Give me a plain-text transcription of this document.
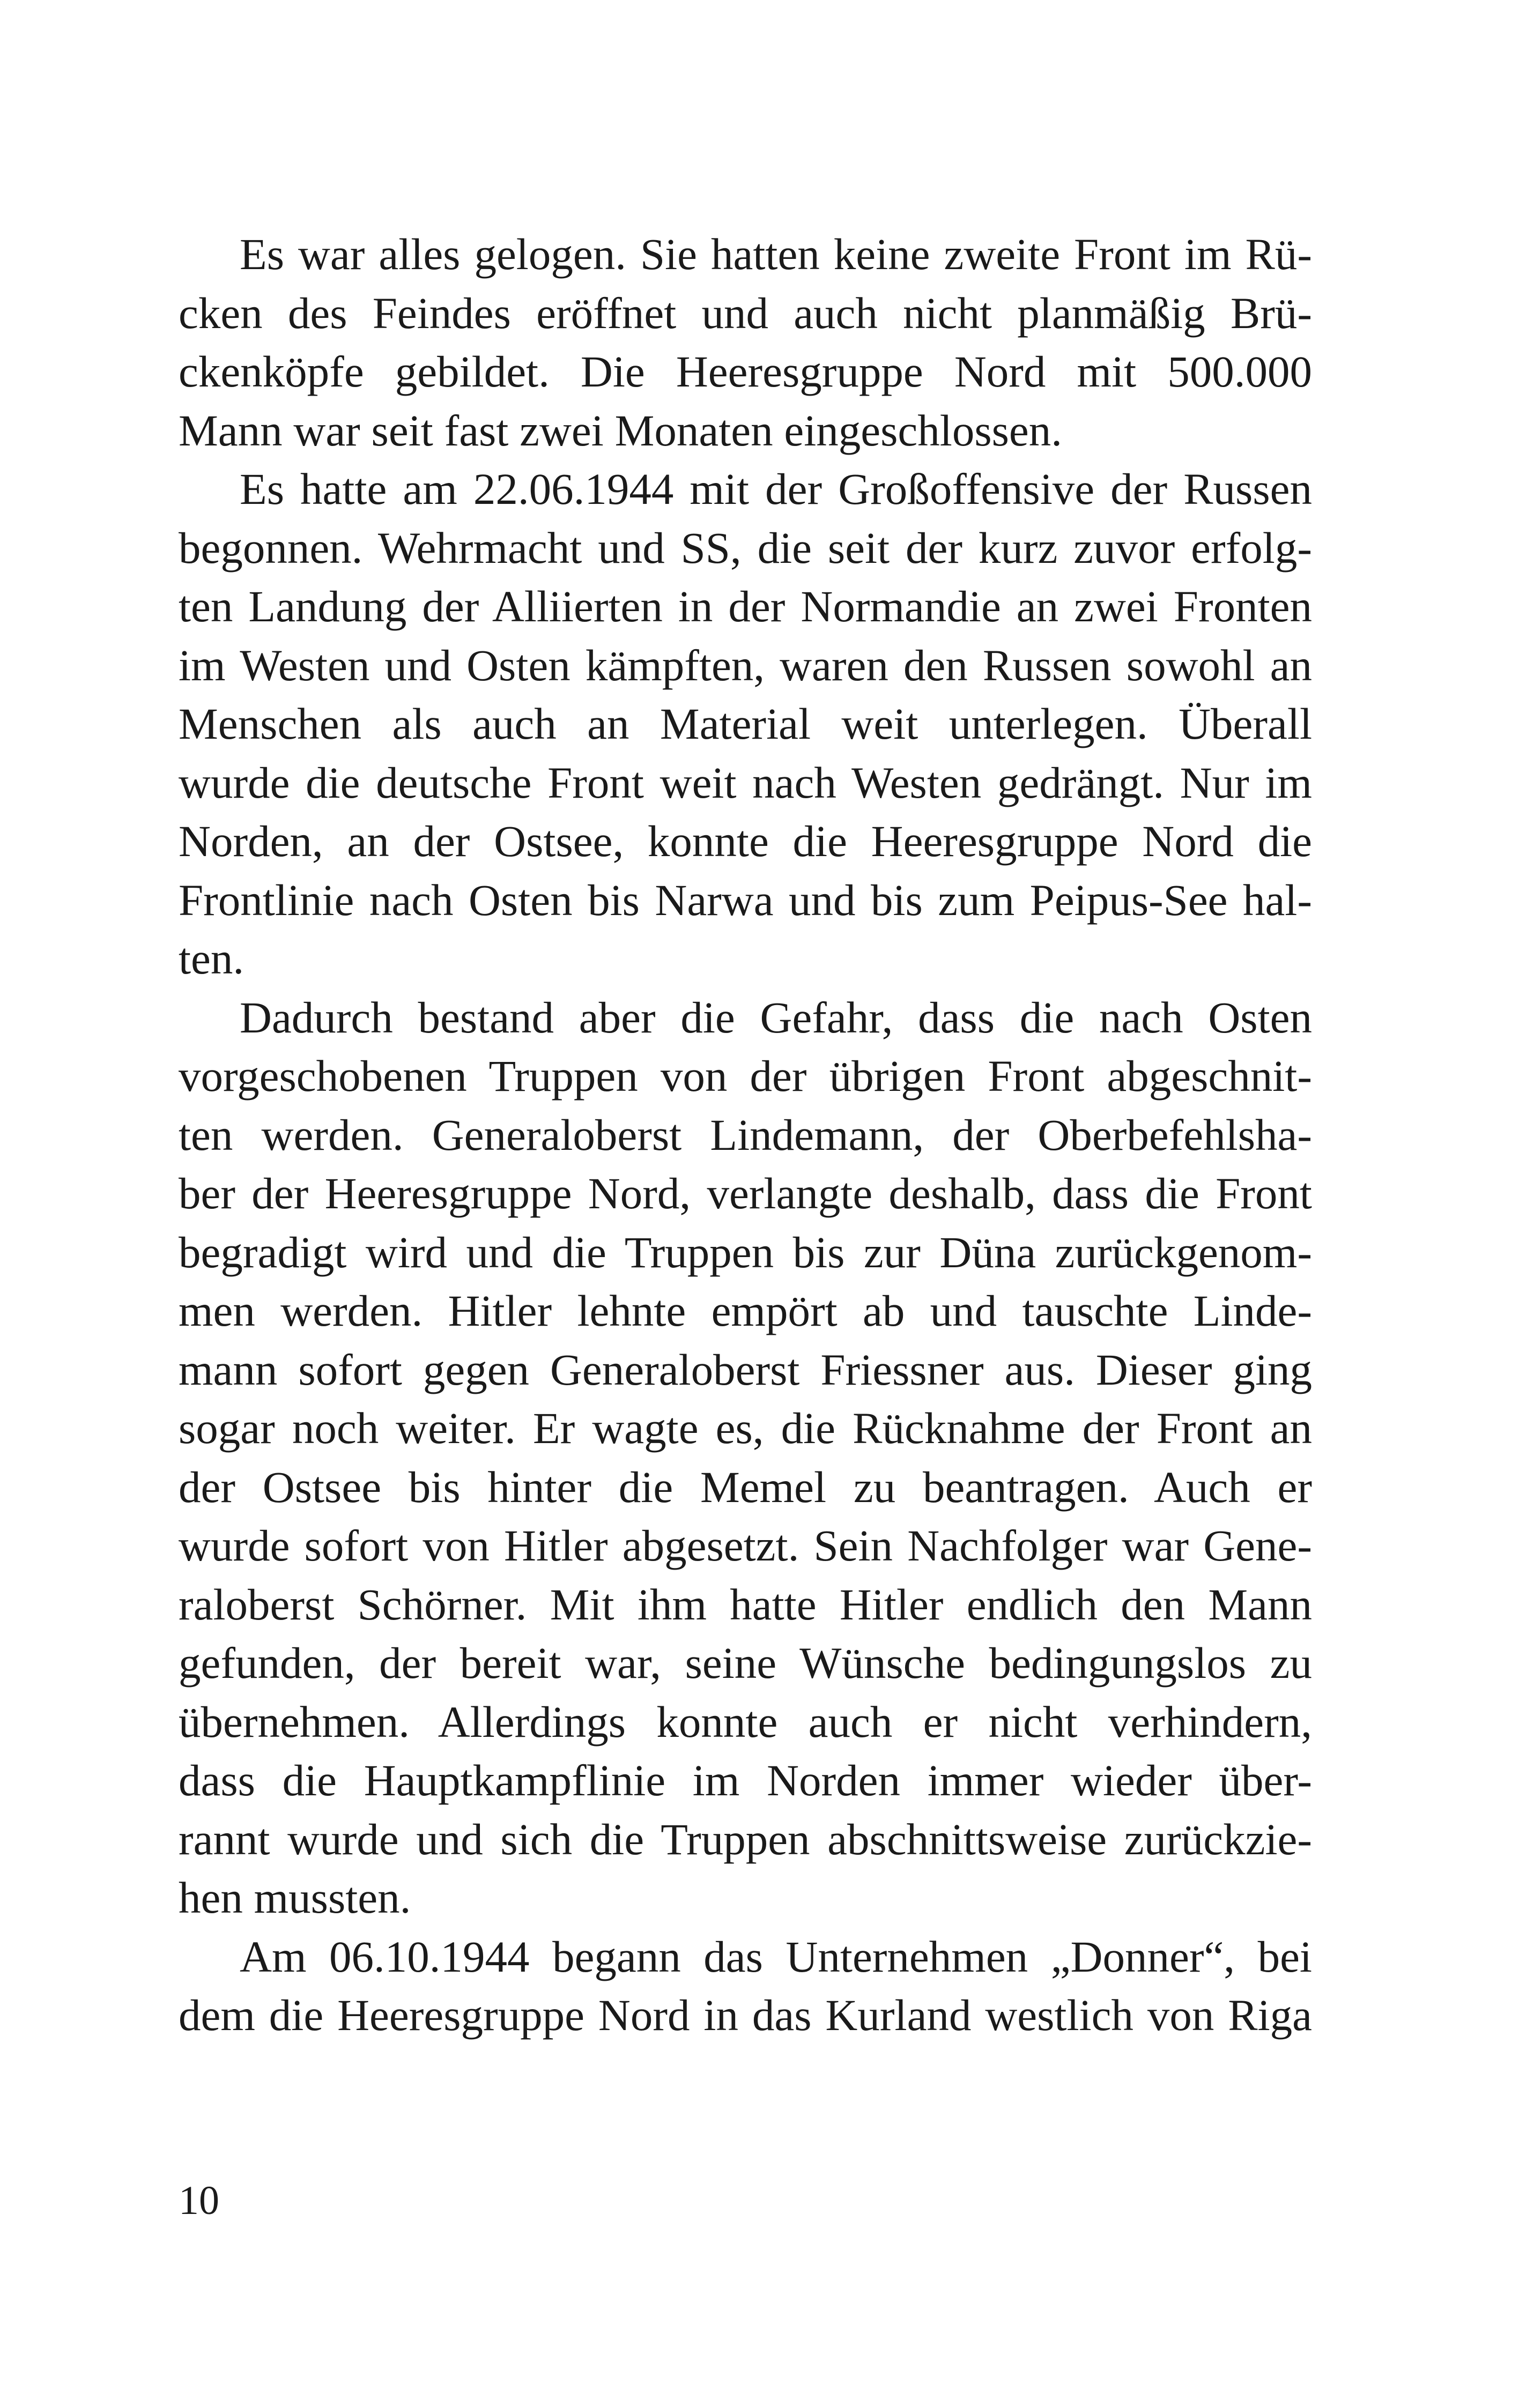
Es war alles gelogen. Sie hatten keine zweite Front im Rü-
cken des Feindes eröffnet und auch nicht planmäßig Brü-
ckenköpfe gebildet. Die Heeresgruppe Nord mit 500.000
Mann war seit fast zwei Monaten eingeschlossen.
Es hatte am 22.06.1944 mit der Großoffensive der Russen
begonnen. Wehrmacht und SS, die seit der kurz zuvor erfolg-
ten Landung der Alliierten in der Normandie an zwei Fronten
im Westen und Osten kämpften, waren den Russen sowohl an
Menschen als auch an Material weit unterlegen. Überall
wurde die deutsche Front weit nach Westen gedrängt. Nur im
Norden, an der Ostsee, konnte die Heeresgruppe Nord die
Frontlinie nach Osten bis Narwa und bis zum Peipus-See hal-
ten.
Dadurch bestand aber die Gefahr, dass die nach Osten
vorgeschobenen Truppen von der übrigen Front abgeschnit-
ten werden. Generaloberst Lindemann, der Oberbefehlsha-
ber der Heeresgruppe Nord, verlangte deshalb, dass die Front
begradigt wird und die Truppen bis zur Düna zurückgenom-
men werden. Hitler lehnte empört ab und tauschte Linde-
mann sofort gegen Generaloberst Friessner aus. Dieser ging
sogar noch weiter. Er wagte es, die Rücknahme der Front an
der Ostsee bis hinter die Memel zu beantragen. Auch er
wurde sofort von Hitler abgesetzt. Sein Nachfolger war Gene-
raloberst Schörner. Mit ihm hatte Hitler endlich den Mann
gefunden, der bereit war, seine Wünsche bedingungslos zu
übernehmen. Allerdings konnte auch er nicht verhindern,
dass die Hauptkampflinie im Norden immer wieder über-
rannt wurde und sich die Truppen abschnittsweise zurückzie-
hen mussten.
Am 06.10.1944 begann das Unternehmen „Donner“, bei
dem die Heeresgruppe Nord in das Kurland westlich von Riga
10
